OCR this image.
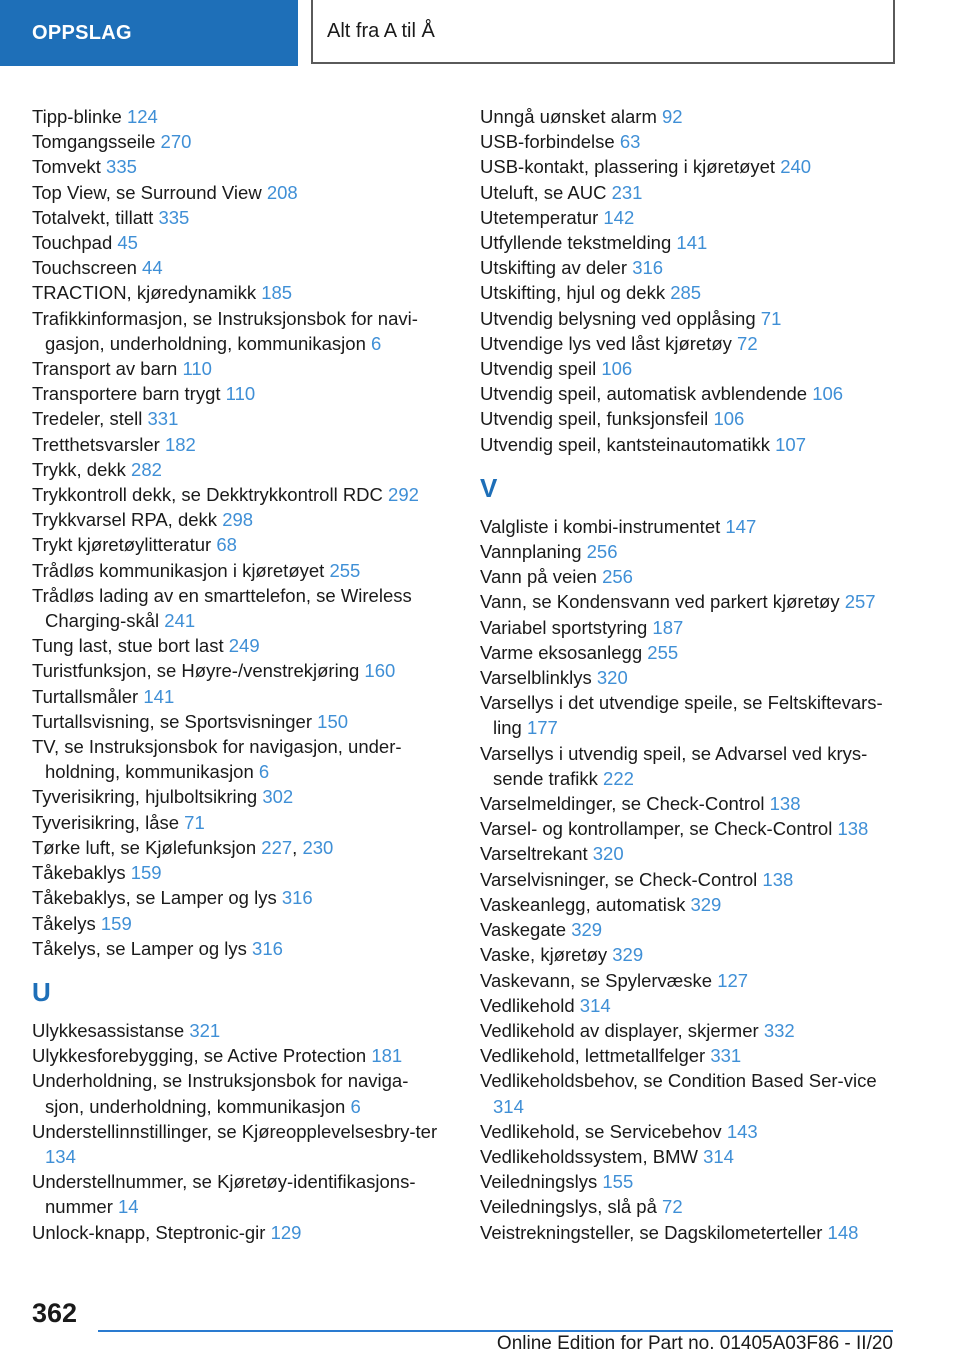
OPPSLAG	Alt fra A til Å

Tipp-blinke 124

Tomgangsseile 270

Tomvekt 335

Top View, se Surround View 208

Totalvekt, tillatt 335

Touchpad 45

Touchscreen 44

TRACTION, kjøredynamikk 185

Trafikkinformasjon, se Instruksjonsbok for navi‐gasjon, underholdning, kommunikasjon 6

Transport av barn 110

Transportere barn trygt 110

Tredeler, stell 331

Tretthetsvarsler 182

Trykk, dekk 282

Trykkontroll dekk, se Dekktrykkontroll RDC 292

Trykkvarsel RPA, dekk 298

Trykt kjøretøylitteratur 68

Trådløs kommunikasjon i kjøretøyet 255

Trådløs lading av en smarttelefon, se Wireless Charging-skål 241

Tung last, stue bort last 249

Turistfunksjon, se Høyre-/venstrekjøring 160

Turtallsmåler 141

Turtallsvisning, se Sportsvisninger 150

TV, se Instruksjonsbok for navigasjon, under‐holdning, kommunikasjon 6

Tyverisikring, hjulboltsikring 302

Tyverisikring, låse 71

Tørke luft, se Kjølefunksjon 227, 230

Tåkebaklys 159

Tåkebaklys, se Lamper og lys 316

Tåkelys 159

Tåkelys, se Lamper og lys 316

U

Ulykkesassistanse 321

Ulykkesforebygging, se Active Protection 181

Underholdning, se Instruksjonsbok for naviga‐sjon, underholdning, kommunikasjon 6

Understellinnstillinger, se Kjøreopplevelsesbry‐ter 134

Understellnummer, se Kjøretøy-identifikasjons‐nummer 14

Unlock-knapp, Steptronic-gir 129

Unngå uønsket alarm 92

USB-forbindelse 63

USB-kontakt, plassering i kjøretøyet 240

Uteluft, se AUC 231

Utetemperatur 142

Utfyllende tekstmelding 141

Utskifting av deler 316

Utskifting, hjul og dekk 285

Utvendig belysning ved opplåsing 71

Utvendige lys ved låst kjøretøy 72

Utvendig speil 106

Utvendig speil, automatisk avblendende 106

Utvendig speil, funksjonsfeil 106

Utvendig speil, kantsteinautomatikk 107

V

Valgliste i kombi-instrumentet 147

Vannplaning 256

Vann på veien 256

Vann, se Kondensvann ved parkert kjøretøy 257

Variabel sportstyring 187

Varme eksosanlegg 255

Varselblinklys 320

Varsellys i det utvendige speile, se Feltskiftevars‐ling 177

Varsellys i utvendig speil, se Advarsel ved krys‐sende trafikk 222

Varselmeldinger, se Check-Control 138

Varsel- og kontrollamper, se Check-Control 138

Varseltrekant 320

Varselvisninger, se Check-Control 138

Vaskeanlegg, automatisk 329

Vaskegate 329

Vaske, kjøretøy 329

Vaskevann, se Spylervæske 127

Vedlikehold 314

Vedlikehold av displayer, skjermer 332

Vedlikehold, lettmetallfelger 331

Vedlikeholdsbehov, se Condition Based Ser‐vice 314

Vedlikehold, se Servicebehov 143

Vedlikeholdssystem, BMW 314

Veiledningslys 155

Veiledningslys, slå på 72

Veistrekningsteller, se Dagskilometerteller 148

362
Online Edition for Part no. 01405A03F86 - II/20
